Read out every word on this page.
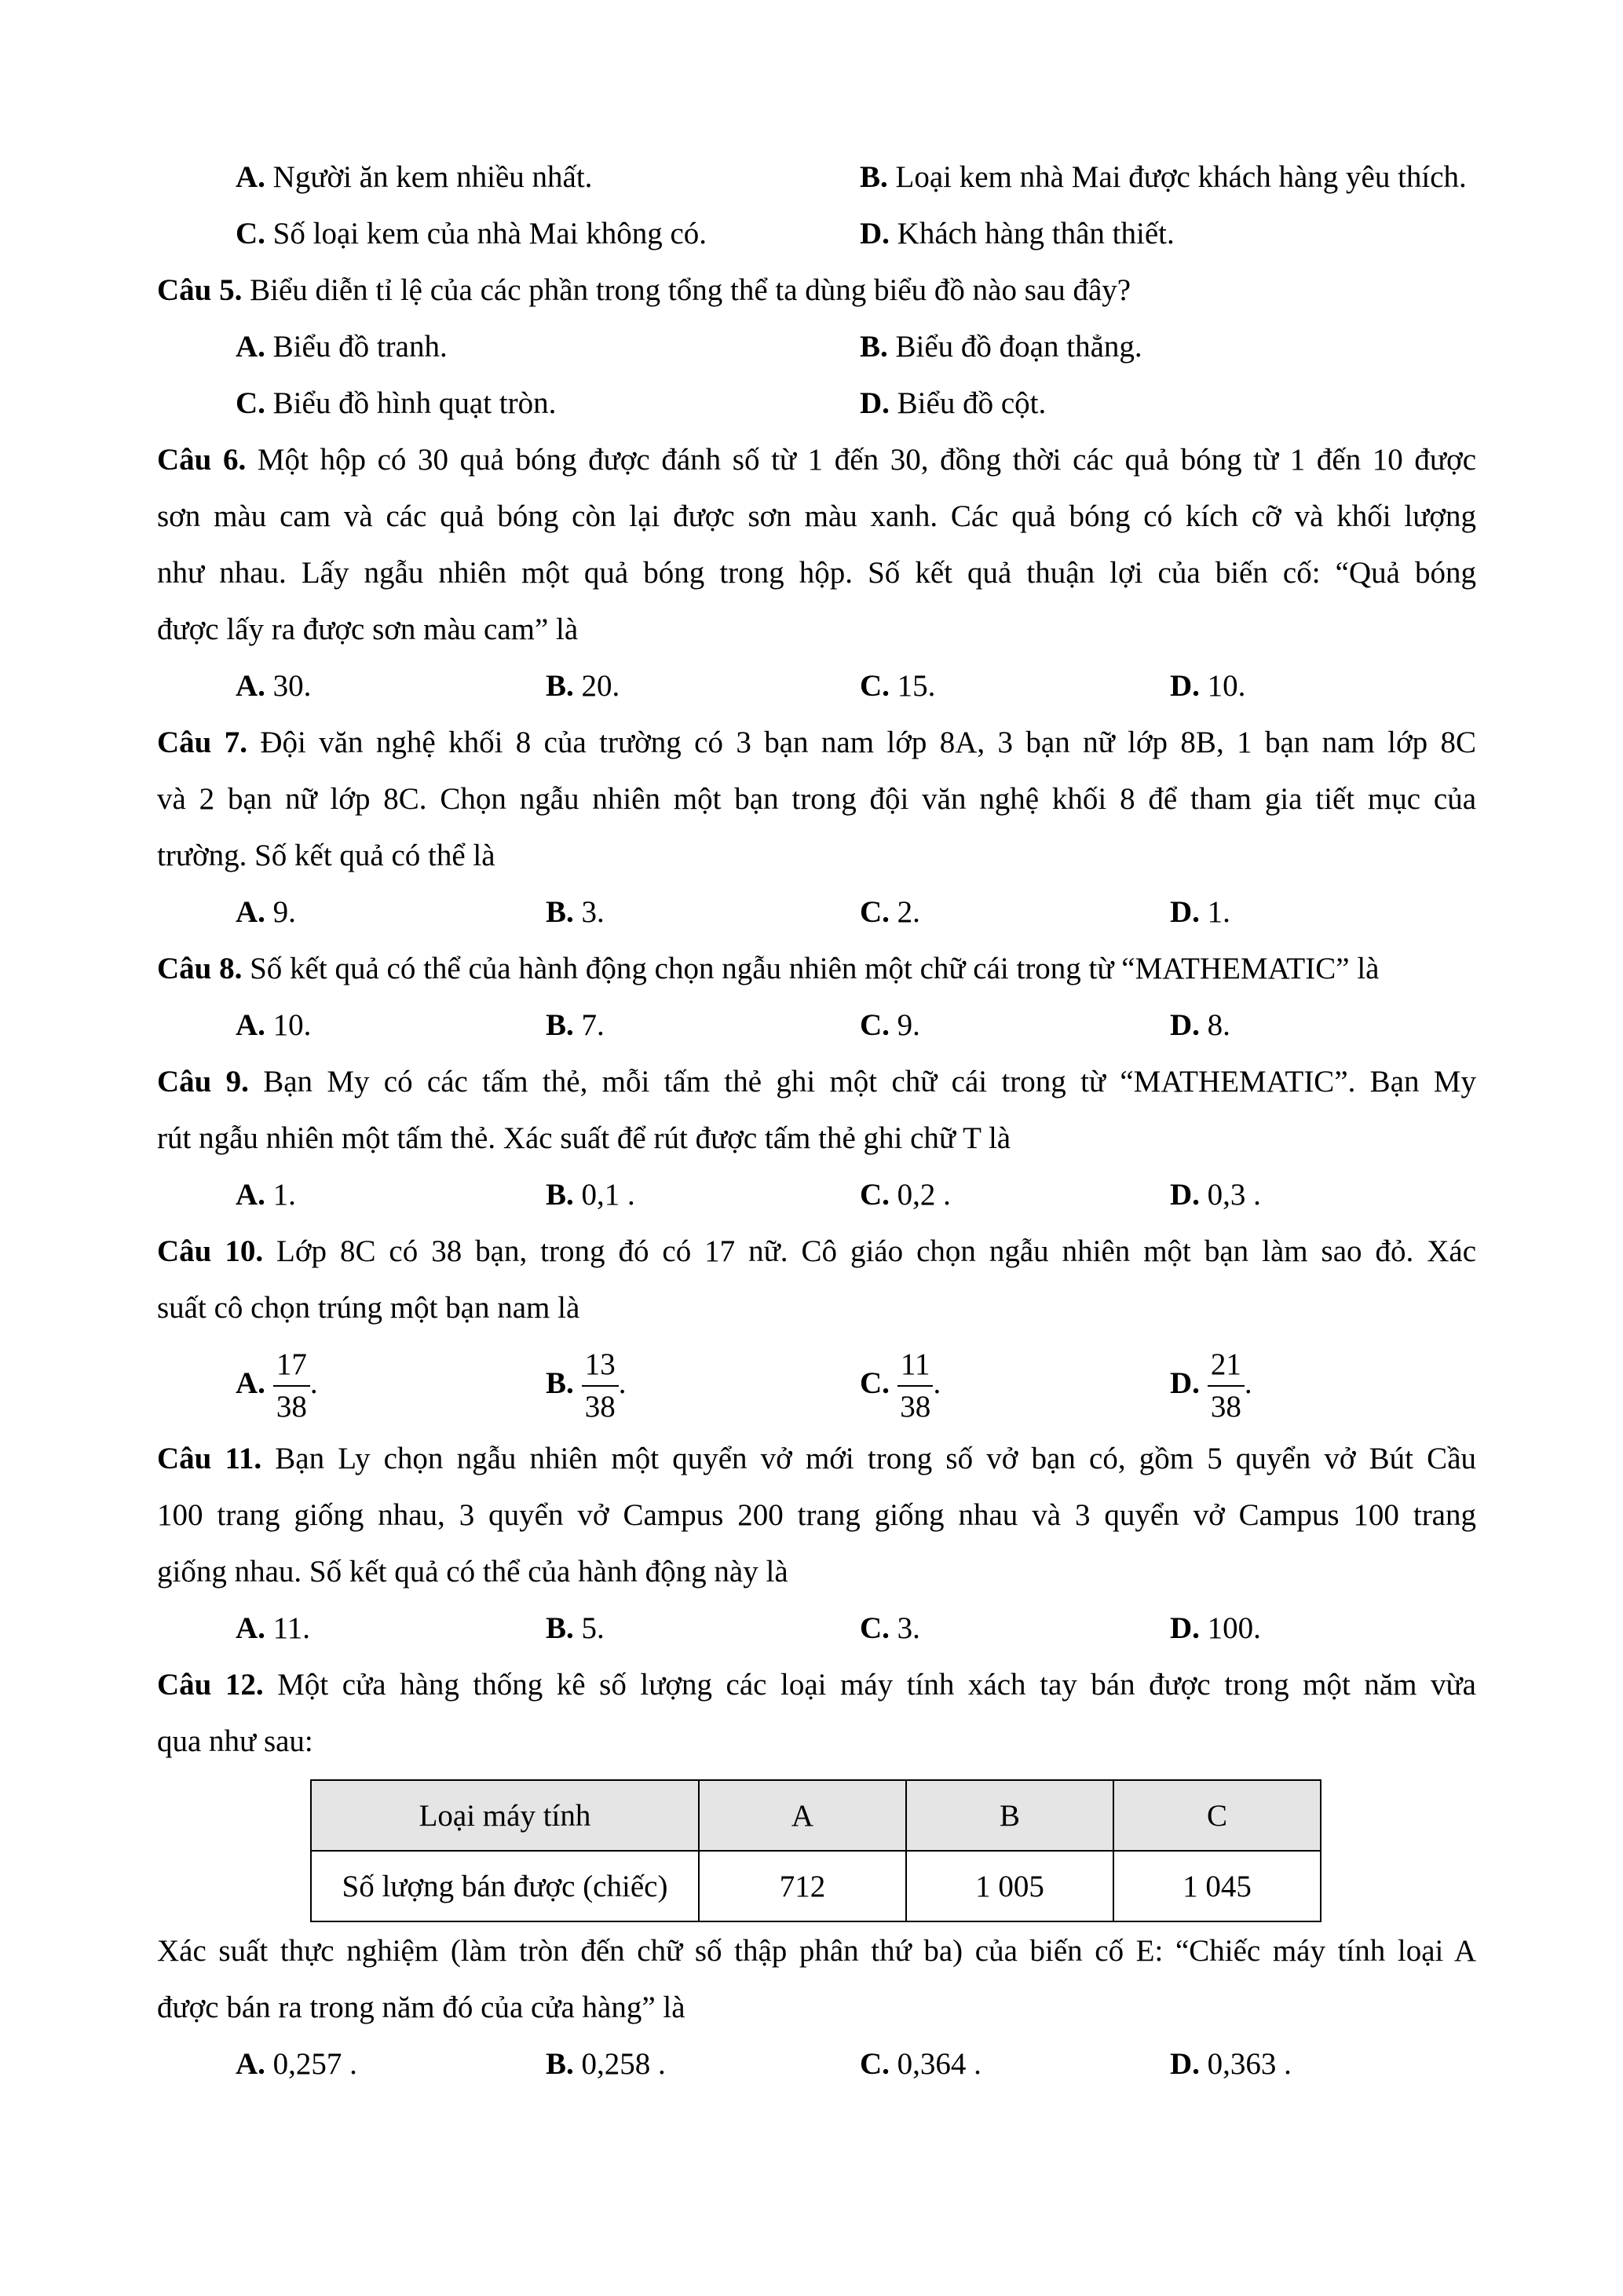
A. Người ăn kem nhiều nhất.	B. Loại kem nhà Mai được khách hàng yêu thích.
C. Số loại kem của nhà Mai không có.	D. Khách hàng thân thiết.
Câu 5. Biểu diễn tỉ lệ của các phần trong tổng thể ta dùng biểu đồ nào sau đây?
A. Biểu đồ tranh.	B. Biểu đồ đoạn thẳng.
C. Biểu đồ hình quạt tròn.	D. Biểu đồ cột.
Câu 6. Một hộp có 30 quả bóng được đánh số từ 1 đến 30, đồng thời các quả bóng từ 1 đến 10 được
sơn màu cam và các quả bóng còn lại được sơn màu xanh. Các quả bóng có kích cỡ và khối lượng
như nhau. Lấy ngẫu nhiên một quả bóng trong hộp. Số kết quả thuận lợi của biến cố: “Quả bóng
được lấy ra được sơn màu cam” là
A. 30.	B. 20.	C. 15.	D. 10.
Câu 7. Đội văn nghệ khối 8 của trường có 3 bạn nam lớp 8A, 3 bạn nữ lớp 8B, 1 bạn nam lớp 8C
và 2 bạn nữ lớp 8C. Chọn ngẫu nhiên một bạn trong đội văn nghệ khối 8 để tham gia tiết mục của
trường. Số kết quả có thể là
A. 9.	B. 3.	C. 2.	D. 1.
Câu 8. Số kết quả có thể của hành động chọn ngẫu nhiên một chữ cái trong từ “MATHEMATIC” là
A. 10.	B. 7.	C. 9.	D. 8.
Câu 9. Bạn My có các tấm thẻ, mỗi tấm thẻ ghi một chữ cái trong từ “MATHEMATIC”. Bạn My
rút ngẫu nhiên một tấm thẻ. Xác suất để rút được tấm thẻ ghi chữ T là
A. 1.	B. 0,1 .	C. 0,2 .	D. 0,3 .
Câu 10. Lớp 8C có 38 bạn, trong đó có 17 nữ. Cô giáo chọn ngẫu nhiên một bạn làm sao đỏ. Xác
suất cô chọn trúng một bạn nam là
A. $\frac{17}{38}$ .	B. $\frac{13}{38}$ .	C. $\frac{11}{38}$ .	D. $\frac{21}{38}$ .
Câu 11. Bạn Ly chọn ngẫu nhiên một quyển vở mới trong số vở bạn có, gồm 5 quyển vở Bút Cầu
100 trang giống nhau, 3 quyển vở Campus 200 trang giống nhau và 3 quyển vở Campus 100 trang
giống nhau. Số kết quả có thể của hành động này là
A. 11.	B. 5.	C. 3.	D. 100.
Câu 12. Một cửa hàng thống kê số lượng các loại máy tính xách tay bán được trong một năm vừa
qua như sau:
Loại máy tính	A	B	C
Số lượng bán được (chiếc)	712	1 005	1 045
Xác suất thực nghiệm (làm tròn đến chữ số thập phân thứ ba) của biến cố E: “Chiếc máy tính loại A
được bán ra trong năm đó của cửa hàng” là
A. 0,257 .	B. 0,258 .	C. 0,364 .	D. 0,363 .
